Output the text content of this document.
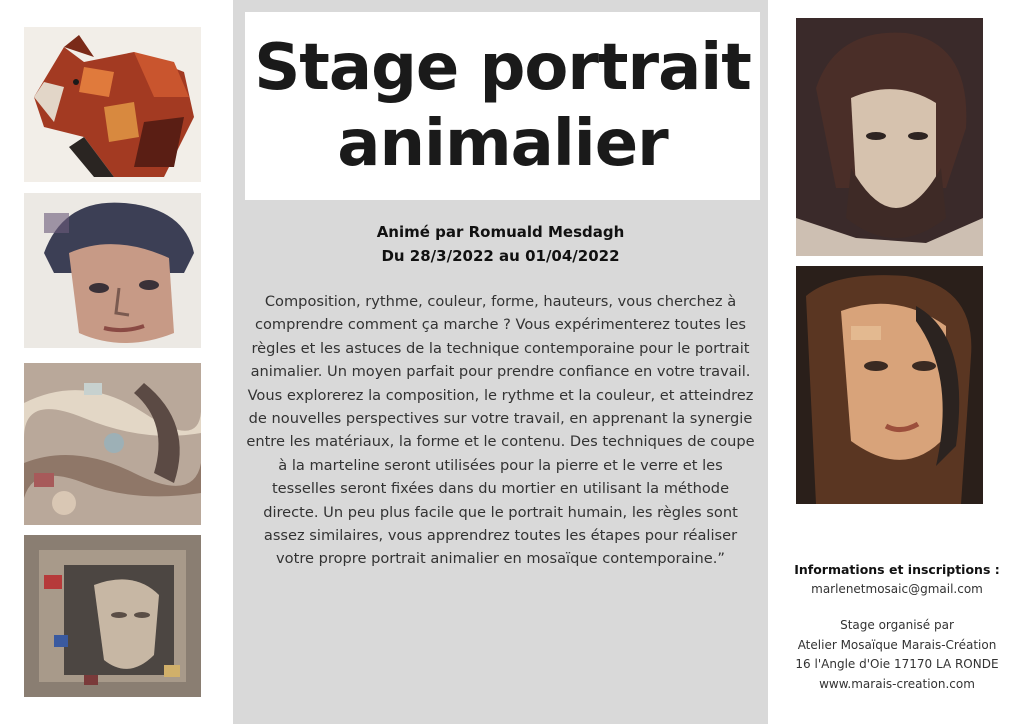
Stage portrait
animalier
Animé par Romuald Mesdagh
Du 28/3/2022 au 01/04/2022
Composition, rythme, couleur, forme, hauteurs, vous cherchez à comprendre comment ça marche ? Vous expérimenterez toutes les règles et les astuces de la technique contemporaine pour le portrait animalier. Un moyen parfait pour prendre confiance en votre travail. Vous explorerez la composition, le rythme et la couleur, et atteindrez de nouvelles perspectives sur votre travail, en apprenant la synergie entre les matériaux, la forme et le contenu. Des techniques de coupe à la marteline seront utilisées pour la pierre et le verre et les tesselles seront fixées dans du mortier en utilisant la méthode directe. Un peu plus facile que le portrait humain, les règles sont assez similaires, vous apprendrez toutes les étapes pour réaliser votre propre portrait animalier en mosaïque contemporaine.”
Informations et inscriptions :
marlenetmosaic@gmail.com
Stage organisé par
Atelier Mosaïque Marais-Création
16 l'Angle d'Oie 17170 LA RONDE
www.marais-creation.com
